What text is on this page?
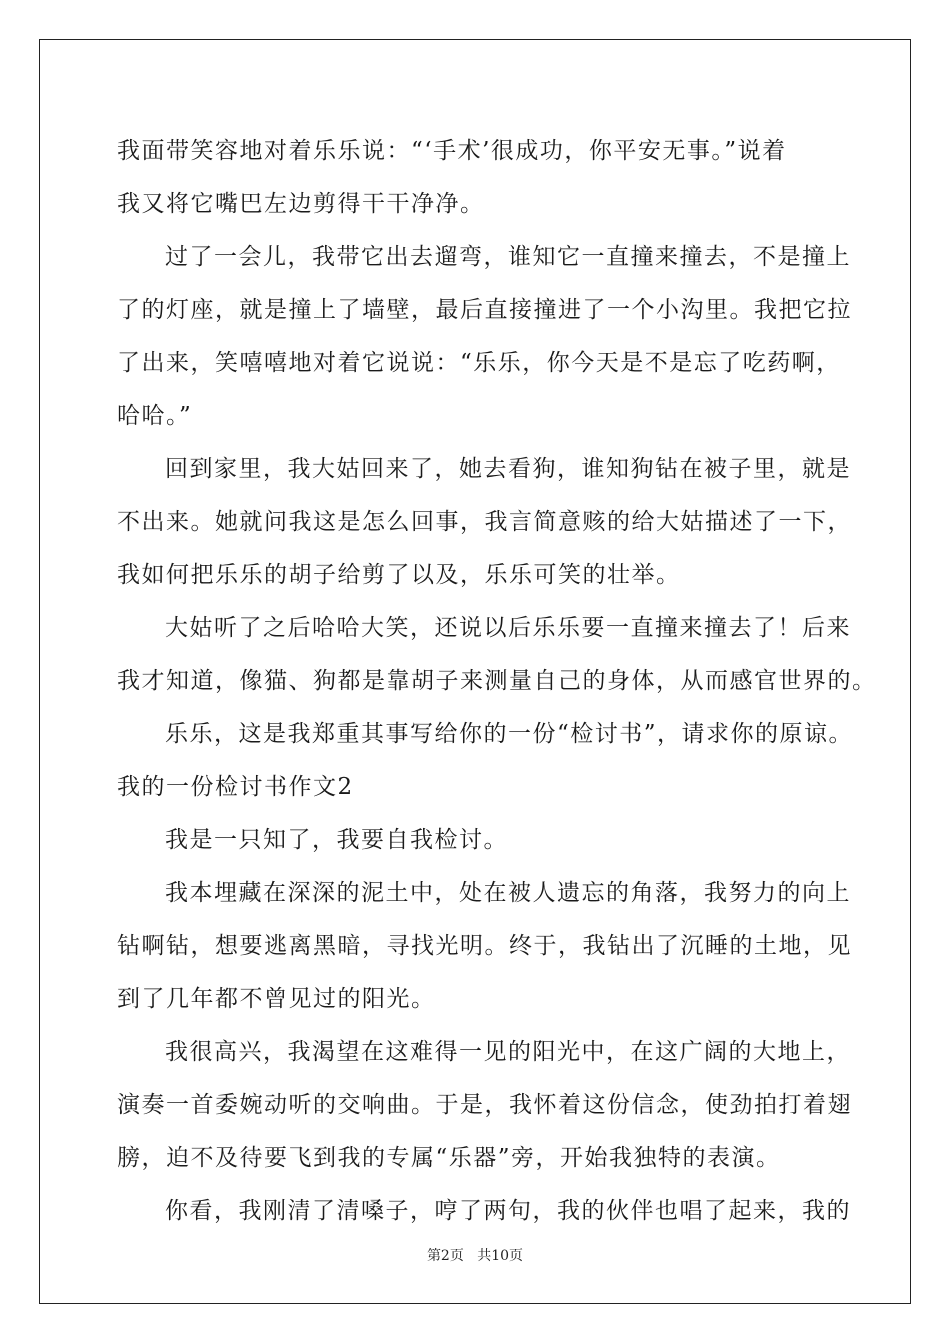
我面带笑容地对着乐乐说：“‘手术’很成功，你平安无事。”说着
我又将它嘴巴左边剪得干干净净。
过了一会儿，我带它出去遛弯，谁知它一直撞来撞去，不是撞上
了的灯座，就是撞上了墙壁，最后直接撞进了一个小沟里。我把它拉
了出来，笑嘻嘻地对着它说说：“乐乐，你今天是不是忘了吃药啊，
哈哈。”
回到家里，我大姑回来了，她去看狗，谁知狗钻在被子里，就是
不出来。她就问我这是怎么回事，我言简意赅的给大姑描述了一下，
我如何把乐乐的胡子给剪了以及，乐乐可笑的壮举。
大姑听了之后哈哈大笑，还说以后乐乐要一直撞来撞去了！后来
我才知道，像猫、狗都是靠胡子来测量自己的身体，从而感官世界的。
乐乐，这是我郑重其事写给你的一份“检讨书”，请求你的原谅。
我的一份检讨书作文2
我是一只知了，我要自我检讨。
我本埋藏在深深的泥土中，处在被人遗忘的角落，我努力的向上
钻啊钻，想要逃离黑暗，寻找光明。终于，我钻出了沉睡的土地，见
到了几年都不曾见过的阳光。
我很高兴，我渴望在这难得一见的阳光中，在这广阔的大地上，
演奏一首委婉动听的交响曲。于是，我怀着这份信念，使劲拍打着翅
膀，迫不及待要飞到我的专属“乐器”旁，开始我独特的表演。
你看，我刚清了清嗓子，哼了两句，我的伙伴也唱了起来，我的
第2页 共10页
